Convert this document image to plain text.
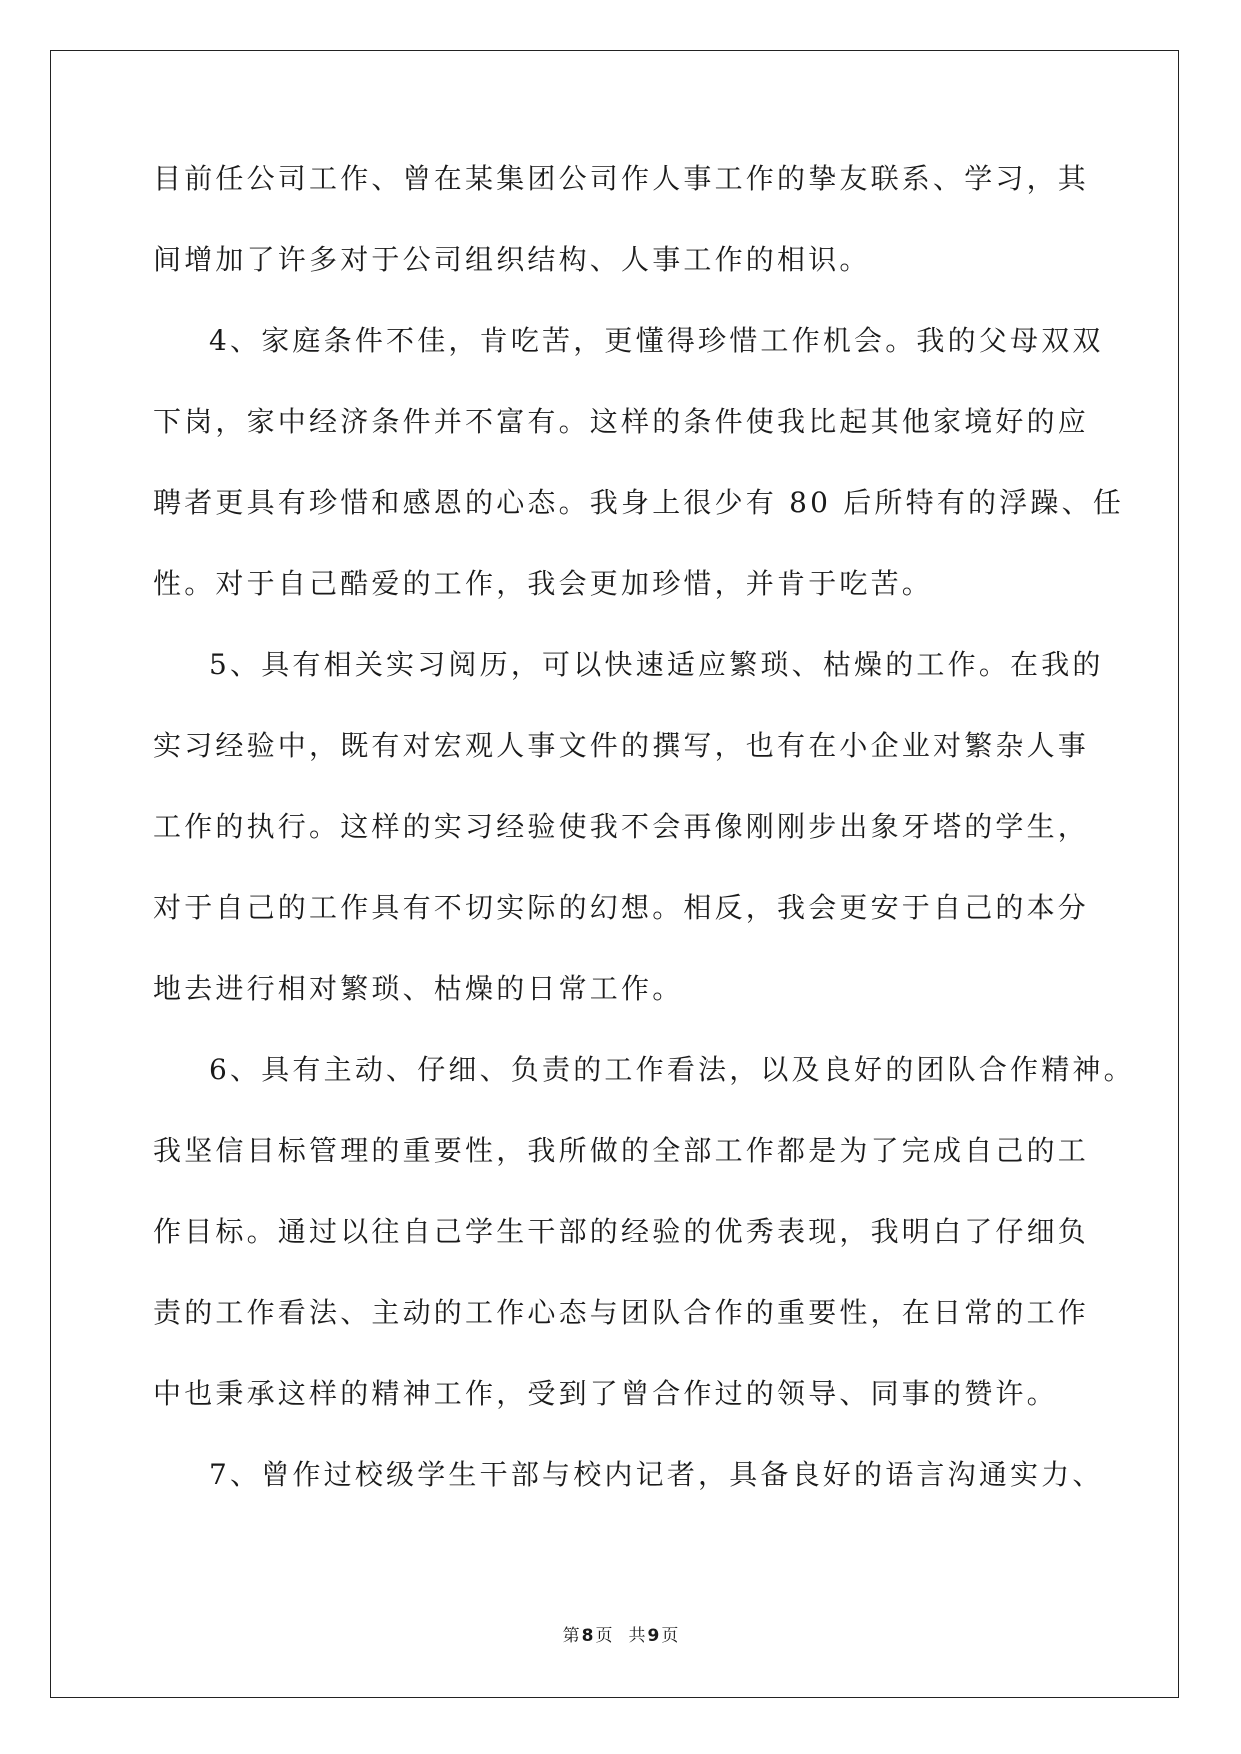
目前任公司工作、曾在某集团公司作人事工作的挚友联系、学习，其
间增加了许多对于公司组织结构、人事工作的相识。
4、家庭条件不佳，肯吃苦，更懂得珍惜工作机会。我的父母双双
下岗，家中经济条件并不富有。这样的条件使我比起其他家境好的应
聘者更具有珍惜和感恩的心态。我身上很少有 80 后所特有的浮躁、任
性。对于自己酷爱的工作，我会更加珍惜，并肯于吃苦。
5、具有相关实习阅历，可以快速适应繁琐、枯燥的工作。在我的
实习经验中，既有对宏观人事文件的撰写，也有在小企业对繁杂人事
工作的执行。这样的实习经验使我不会再像刚刚步出象牙塔的学生，
对于自己的工作具有不切实际的幻想。相反，我会更安于自己的本分
地去进行相对繁琐、枯燥的日常工作。
6、具有主动、仔细、负责的工作看法，以及良好的团队合作精神。
我坚信目标管理的重要性，我所做的全部工作都是为了完成自己的工
作目标。通过以往自己学生干部的经验的优秀表现，我明白了仔细负
责的工作看法、主动的工作心态与团队合作的重要性，在日常的工作
中也秉承这样的精神工作，受到了曾合作过的领导、同事的赞许。
7、曾作过校级学生干部与校内记者，具备良好的语言沟通实力、
第 8 页 共 9 页
